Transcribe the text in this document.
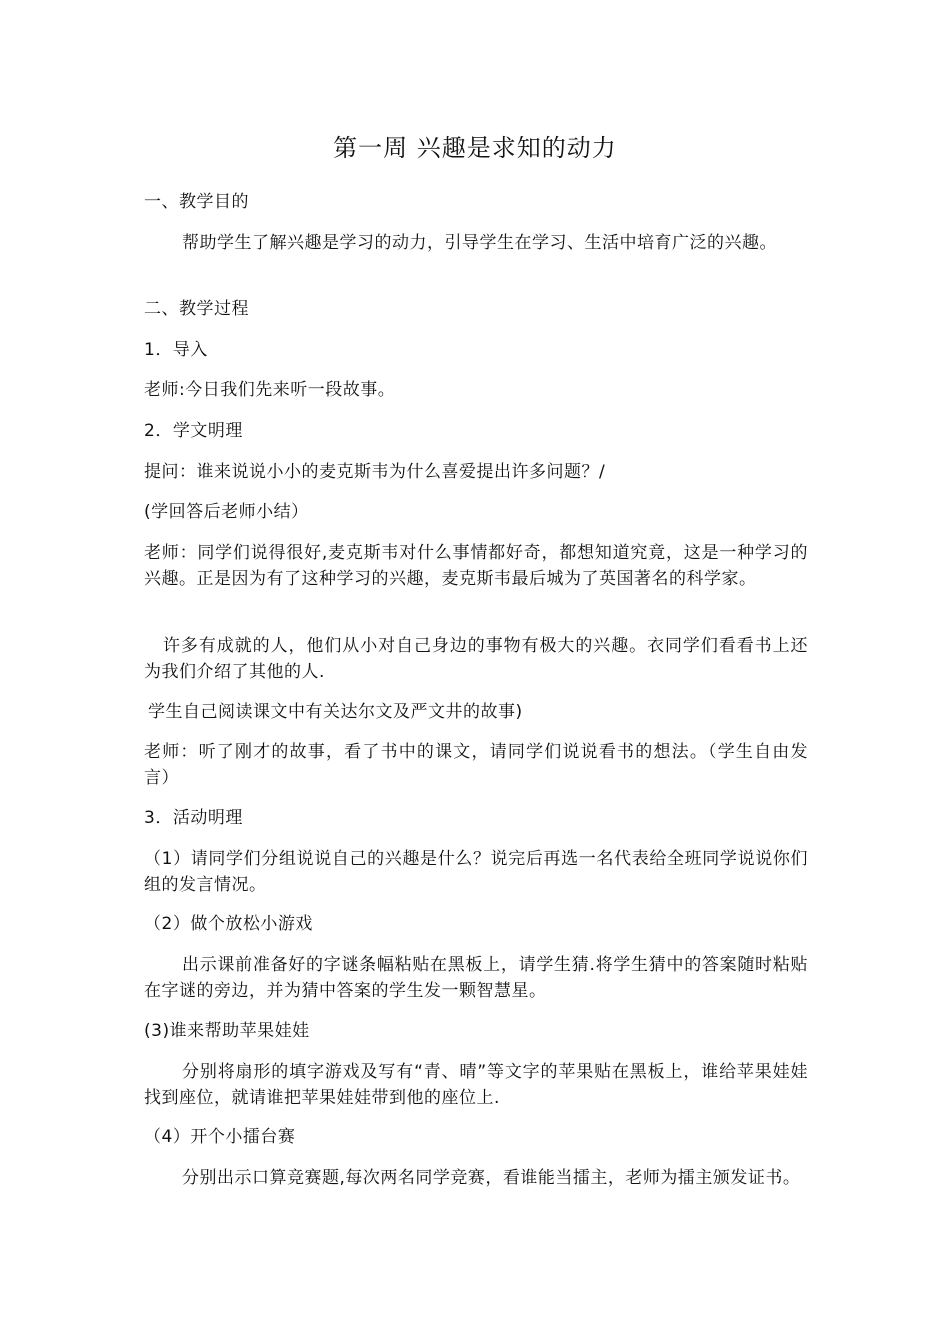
第一周 兴趣是求知的动力
一、教学目的
帮助学生了解兴趣是学习的动力，引导学生在学习、生活中培育广泛的兴趣。
二、教学过程
1．导入
老师:今日我们先来听一段故事。
2．学文明理
提问：谁来说说小小的麦克斯韦为什么喜爱提出许多问题？/
(学回答后老师小结）
老师：同学们说得很好,麦克斯韦对什么事情都好奇，都想知道究竟，这是一种学习的兴趣。正是因为有了这种学习的兴趣，麦克斯韦最后城为了英国著名的科学家。
许多有成就的人，他们从小对自己身边的事物有极大的兴趣。衣同学们看看书上还为我们介绍了其他的人.
学生自己阅读课文中有关达尔文及严文井的故事)
老师：听了刚才的故事，看了书中的课文，请同学们说说看书的想法。（学生自由发言）
3．活动明理
（1）请同学们分组说说自己的兴趣是什么？说完后再选一名代表给全班同学说说你们组的发言情况。
（2）做个放松小游戏
出示课前准备好的字谜条幅粘贴在黑板上，请学生猜.将学生猜中的答案随时粘贴在字谜的旁边，并为猜中答案的学生发一颗智慧星。
(3)谁来帮助苹果娃娃
分别将扇形的填字游戏及写有“青、晴”等文字的苹果贴在黑板上，谁给苹果娃娃找到座位，就请谁把苹果娃娃带到他的座位上.
（4）开个小擂台赛
分别出示口算竞赛题,每次两名同学竞赛，看谁能当擂主，老师为擂主颁发证书。
